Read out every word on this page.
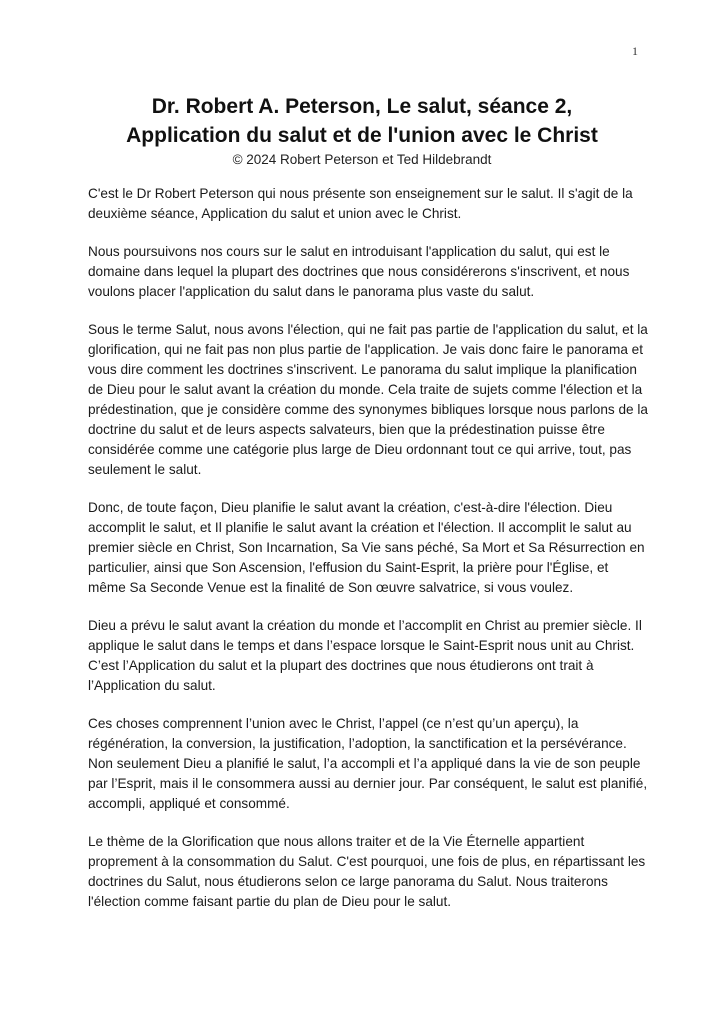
1
Dr. Robert A. Peterson, Le salut, séance 2,
Application du salut et de l'union avec le Christ

© 2024 Robert Peterson et Ted Hildebrandt

C'est le Dr Robert Peterson qui nous présente son enseignement sur le salut. Il s'agit de la deuxième séance, Application du salut et union avec le Christ.

Nous poursuivons nos cours sur le salut en introduisant l'application du salut, qui est le domaine dans lequel la plupart des doctrines que nous considérerons s'inscrivent, et nous voulons placer l'application du salut dans le panorama plus vaste du salut.

Sous le terme Salut, nous avons l'élection, qui ne fait pas partie de l'application du salut, et la glorification, qui ne fait pas non plus partie de l'application. Je vais donc faire le panorama et vous dire comment les doctrines s'inscrivent. Le panorama du salut implique la planification de Dieu pour le salut avant la création du monde. Cela traite de sujets comme l'élection et la prédestination, que je considère comme des synonymes bibliques lorsque nous parlons de la doctrine du salut et de leurs aspects salvateurs, bien que la prédestination puisse être considérée comme une catégorie plus large de Dieu ordonnant tout ce qui arrive, tout, pas seulement le salut.

Donc, de toute façon, Dieu planifie le salut avant la création, c'est-à-dire l'élection. Dieu accomplit le salut, et Il planifie le salut avant la création et l'élection. Il accomplit le salut au premier siècle en Christ, Son Incarnation, Sa Vie sans péché, Sa Mort et Sa Résurrection en particulier, ainsi que Son Ascension, l'effusion du Saint-Esprit, la prière pour l'Église, et même Sa Seconde Venue est la finalité de Son œuvre salvatrice, si vous voulez.

Dieu a prévu le salut avant la création du monde et l’accomplit en Christ au premier siècle. Il applique le salut dans le temps et dans l’espace lorsque le Saint-Esprit nous unit au Christ. C’est l’Application du salut et la plupart des doctrines que nous étudierons ont trait à l’Application du salut.

Ces choses comprennent l’union avec le Christ, l’appel (ce n’est qu’un aperçu), la régénération, la conversion, la justification, l’adoption, la sanctification et la persévérance. Non seulement Dieu a planifié le salut, l’a accompli et l’a appliqué dans la vie de son peuple par l’Esprit, mais il le consommera aussi au dernier jour. Par conséquent, le salut est planifié, accompli, appliqué et consommé.

Le thème de la Glorification que nous allons traiter et de la Vie Éternelle appartient proprement à la consommation du Salut. C'est pourquoi, une fois de plus, en répartissant les doctrines du Salut, nous étudierons selon ce large panorama du Salut. Nous traiterons l'élection comme faisant partie du plan de Dieu pour le salut.
